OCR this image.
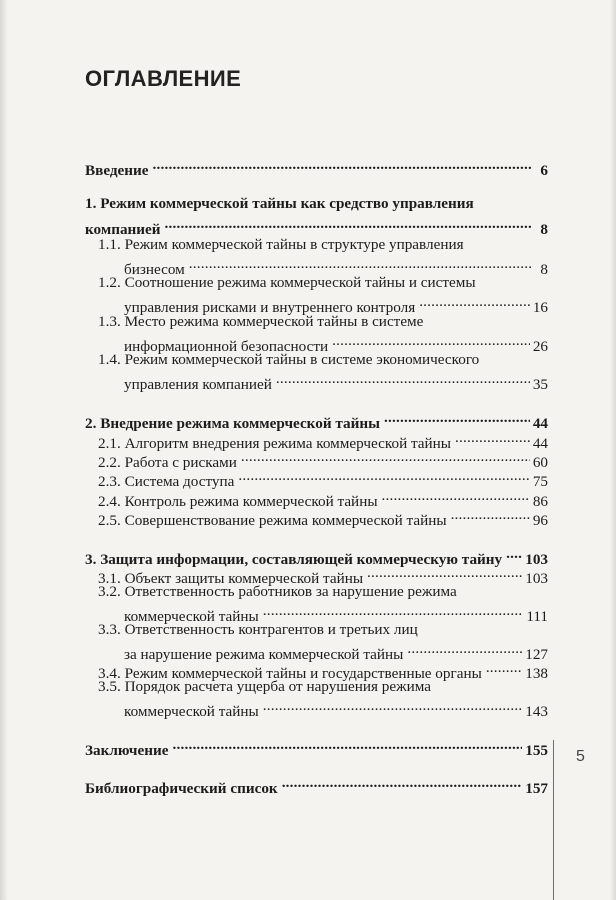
ОГЛАВЛЕНИЕ
Введение . . .	6
1. Режим коммерческой тайны как средство управления
компанией . . .	8
1.1. Режим коммерческой тайны в структуре управления
бизнесом . . .	8
1.2. Соотношение режима коммерческой тайны и системы
управления рисками и внутреннего контроля . . .	16
1.3. Место режима коммерческой тайны в системе
информационной безопасности . . .	26
1.4. Режим коммерческой тайны в системе экономического
управления компанией . . .	35
2. Внедрение режима коммерческой тайны . . .	44
2.1. Алгоритм внедрения режима коммерческой тайны . . .	44
2.2. Работа с рисками . . .	60
2.3. Система доступа . . .	75
2.4. Контроль режима коммерческой тайны . . .	86
2.5. Совершенствование режима коммерческой тайны . . .	96
3. Защита информации, составляющей коммерческую тайну . . . 103
3.1. Объект защиты коммерческой тайны . . .	103
3.2. Ответственность работников за нарушение режима
коммерческой тайны . . .	111
3.3. Ответственность контрагентов и третьих лиц
за нарушение режима коммерческой тайны . . .	127
3.4. Режим коммерческой тайны и государственные органы . . .	138
3.5. Порядок расчета ущерба от нарушения режима
коммерческой тайны . . .	143
Заключение . . .	155
Библиографический список . . .	157
5
